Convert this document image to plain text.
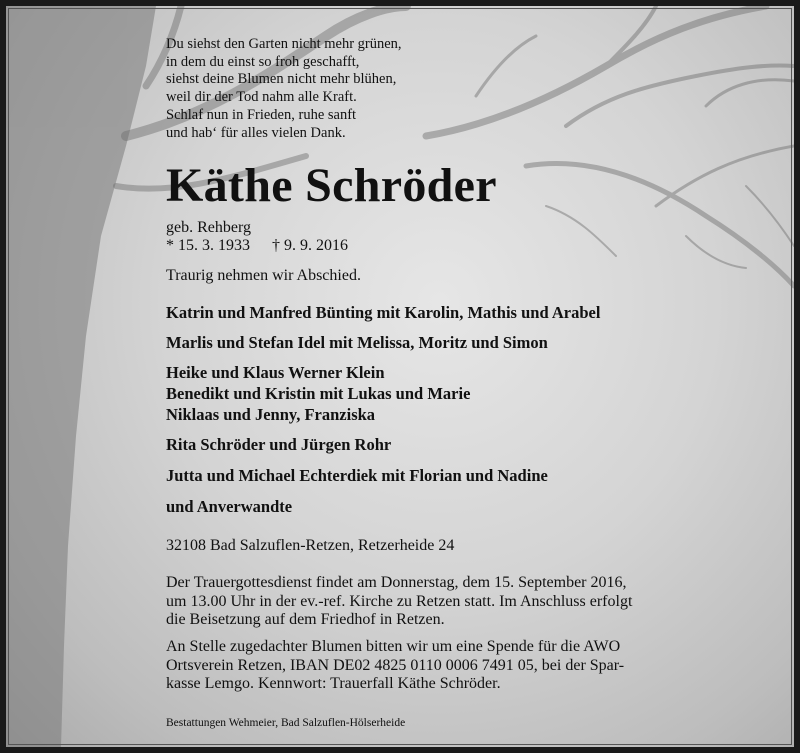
Du siehst den Garten nicht mehr grünen,
in dem du einst so froh geschafft,
siehst deine Blumen nicht mehr blühen,
weil dir der Tod nahm alle Kraft.
Schlaf nun in Frieden, ruhe sanft
und hab‘ für alles vielen Dank.
Käthe Schröder
geb. Rehberg
* 15. 3. 1933 † 9. 9. 2016
Traurig nehmen wir Abschied.
Katrin und Manfred Bünting mit Karolin, Mathis und Arabel
Marlis und Stefan Idel mit Melissa, Moritz und Simon
Heike und Klaus Werner Klein
Benedikt und Kristin mit Lukas und Marie
Niklaas und Jenny, Franziska
Rita Schröder und Jürgen Rohr
Jutta und Michael Echterdiek mit Florian und Nadine
und Anverwandte
32108 Bad Salzuflen-Retzen, Retzerheide 24
Der Trauergottesdienst findet am Donnerstag, dem 15. September 2016,
um 13.00 Uhr in der ev.-ref. Kirche zu Retzen statt. Im Anschluss erfolgt
die Beisetzung auf dem Friedhof in Retzen.
An Stelle zugedachter Blumen bitten wir um eine Spende für die AWO
Ortsverein Retzen, IBAN DE02 4825 0110 0006 7491 05, bei der Spar-
kasse Lemgo. Kennwort: Trauerfall Käthe Schröder.
Bestattungen Wehmeier, Bad Salzuflen-Hölserheide
